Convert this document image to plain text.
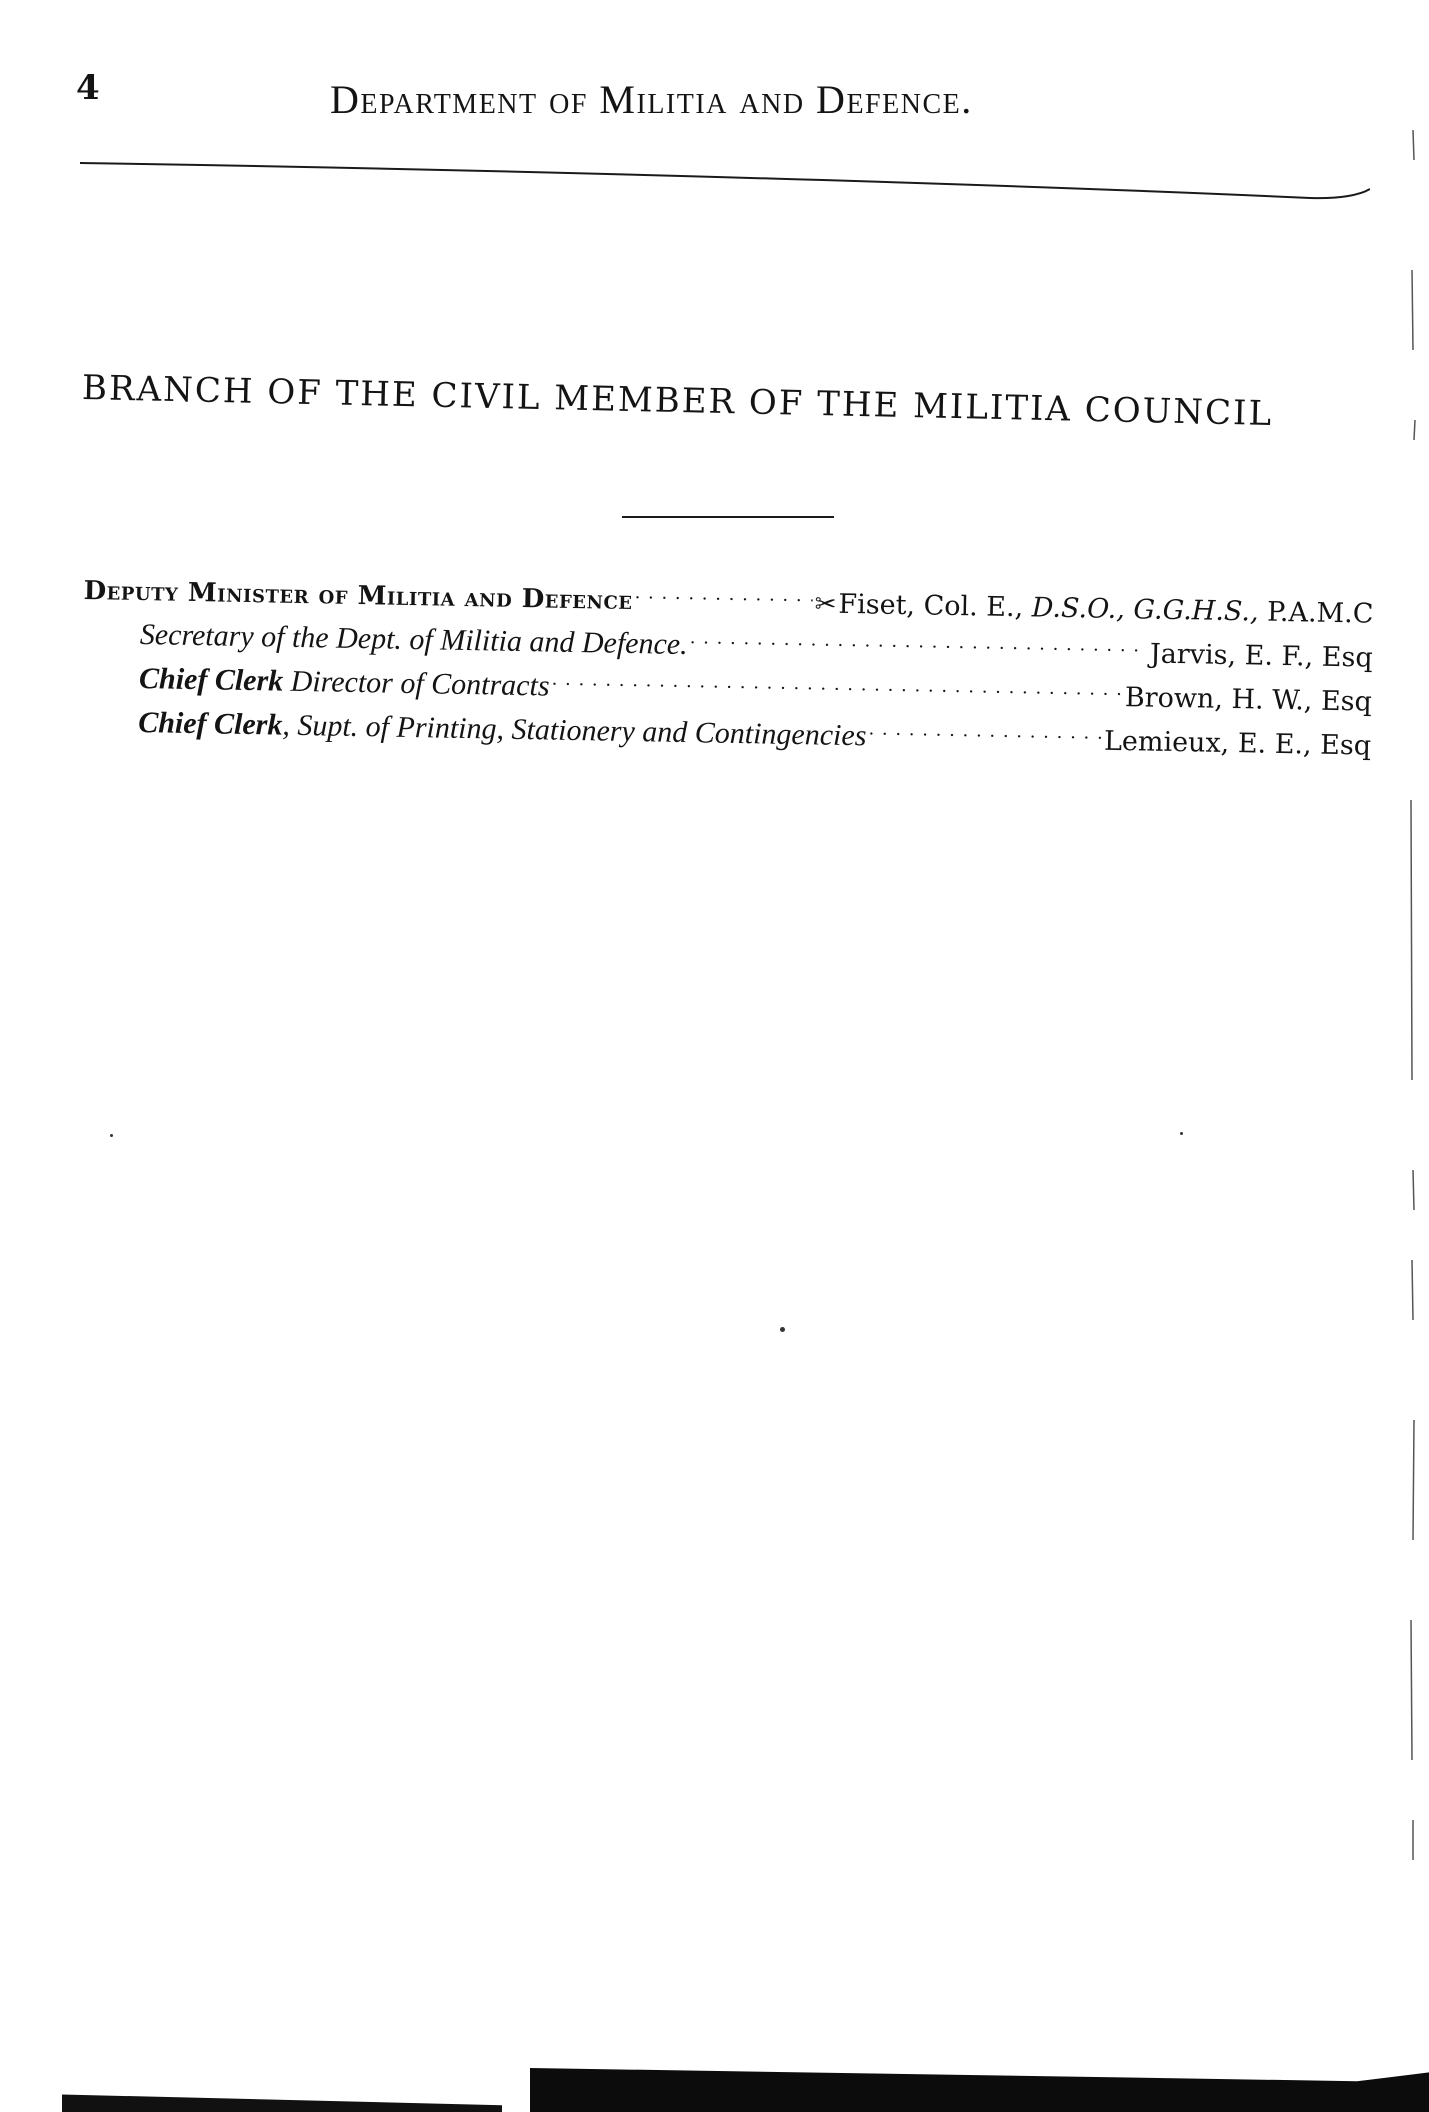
4	Department of Militia and Defence.
BRANCH OF THE CIVIL MEMBER OF THE MILITIA COUNCIL
Deputy Minister of Militia and Defence . . .	✂Fiset, Col. E., D.S.O., G.G.H.S., P.A.M.C
Secretary of the Dept. of Militia and Defence. . . .	Jarvis, E. F., Esq
Chief Clerk Director of Contracts . . .	Brown, H. W., Esq
Chief Clerk, Supt. of Printing, Stationery and Contingencies . . .	Lemieux, E. E., Esq
